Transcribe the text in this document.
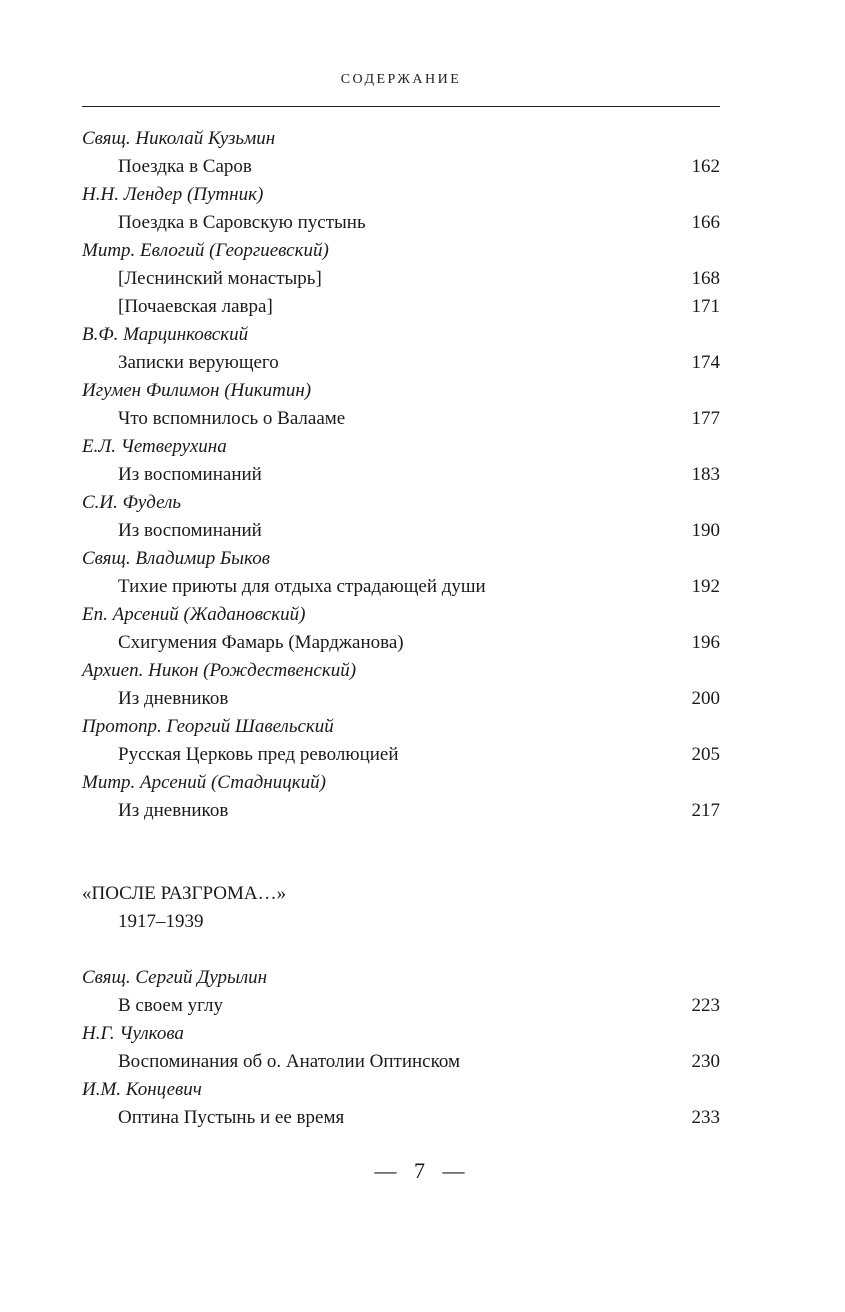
СОДЕРЖАНИЕ
Свящ. Николай Кузьмин
Поездка в Саров	162
Н.Н. Лендер (Путник)
Поездка в Саровскую пустынь	166
Митр. Евлогий (Георгиевский)
[Леснинский монастырь]	168
[Почаевская лавра]	171
В.Ф. Марцинковский
Записки верующего	174
Игумен Филимон (Никитин)
Что вспомнилось о Валааме	177
Е.Л. Четверухина
Из воспоминаний	183
С.И. Фудель
Из воспоминаний	190
Свящ. Владимир Быков
Тихие приюты для отдыха страдающей души	192
Еп. Арсений (Жадановский)
Схигумения Фамарь (Марджанова)	196
Архиеп. Никон (Рождественский)
Из дневников	200
Протопр. Георгий Шавельский
Русская Церковь пред революцией	205
Митр. Арсений (Стадницкий)
Из дневников	217
«ПОСЛЕ РАЗГРОМА…»
1917–1939
Свящ. Сергий Дурылин
В своем углу	223
Н.Г. Чулкова
Воспоминания об о. Анатолии Оптинском	230
И.М. Концевич
Оптина Пустынь и ее время	233
— 7 —
